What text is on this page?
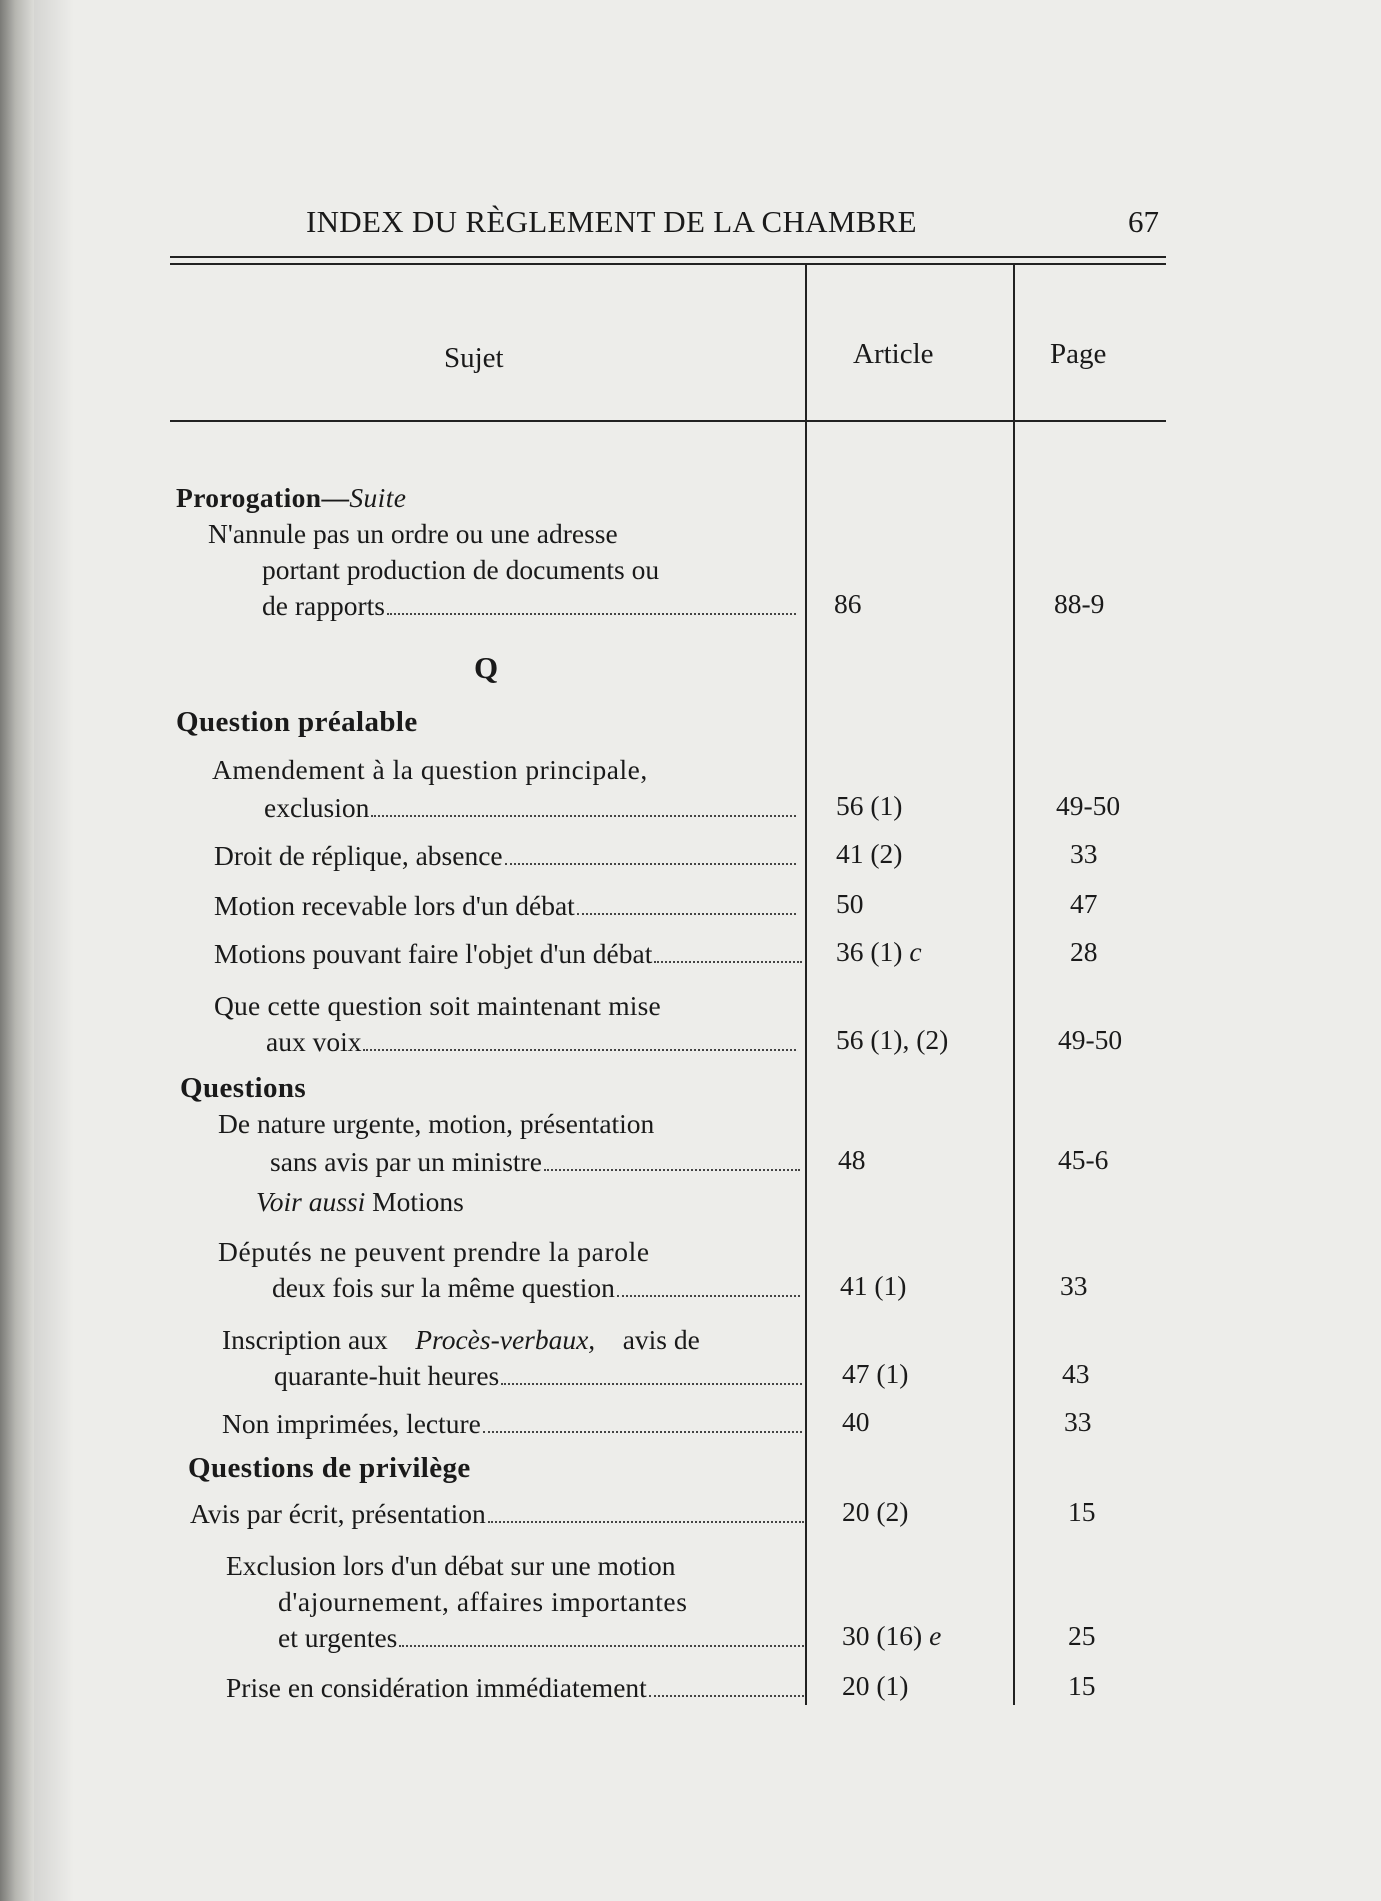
INDEX DU RÈGLEMENT DE LA CHAMBRE	67
Sujet	Article	Page
Prorogation—Suite
N'annule pas un ordre ou une adresse
portant production de documents ou
de rapports	86	88-9
Q
Question préalable
Amendement à la question principale,
exclusion	56 (1)	49-50
Droit de réplique, absence	41 (2)	33
Motion recevable lors d'un débat	50	47
Motions pouvant faire l'objet d'un débat	36 (1) c	28
Que cette question soit maintenant mise
aux voix	56 (1), (2)	49-50
Questions
De nature urgente, motion, présentation
sans avis par un ministre	48	45-6
Voir aussi Motions
Députés ne peuvent prendre la parole
deux fois sur la même question	41 (1)	33
Inscription aux Procès-verbaux, avis de
quarante-huit heures	47 (1)	43
Non imprimées, lecture	40	33
Questions de privilège
Avis par écrit, présentation	20 (2)	15
Exclusion lors d'un débat sur une motion
d'ajournement, affaires importantes
et urgentes	30 (16) e	25
Prise en considération immédiatement	20 (1)	15
